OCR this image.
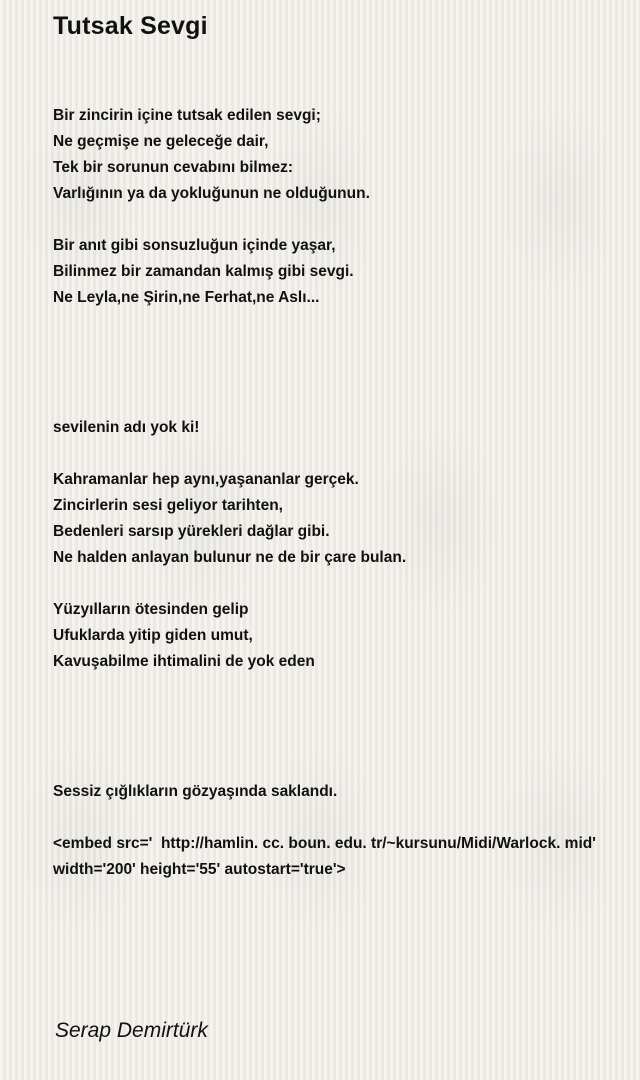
Tutsak Sevgi
Bir zincirin içine tutsak edilen sevgi;
Ne geçmişe ne geleceğe dair,
Tek bir sorunun cevabını bilmez:
Varlığının ya da yokluğunun ne olduğunun.
Bir anıt gibi sonsuzluğun içinde yaşar,
Bilinmez bir zamandan kalmış gibi sevgi.
Ne Leyla,ne Şirin,ne Ferhat,ne Aslı...
sevilenin adı yok ki!
Kahramanlar hep aynı,yaşananlar gerçek.
Zincirlerin sesi geliyor tarihten,
Bedenleri sarsıp yürekleri dağlar gibi.
Ne halden anlayan bulunur ne de bir çare bulan.
Yüzyılların ötesinden gelip
Ufuklarda yitip giden umut,
Kavuşabilme ihtimalini de yok eden
Sessiz çığlıkların gözyaşında saklandı.
<embed src='  http://hamlin. cc. boun. edu. tr/~kursunu/Midi/Warlock. mid'
width='200' height='55' autostart='true'>
Serap Demirtürk
